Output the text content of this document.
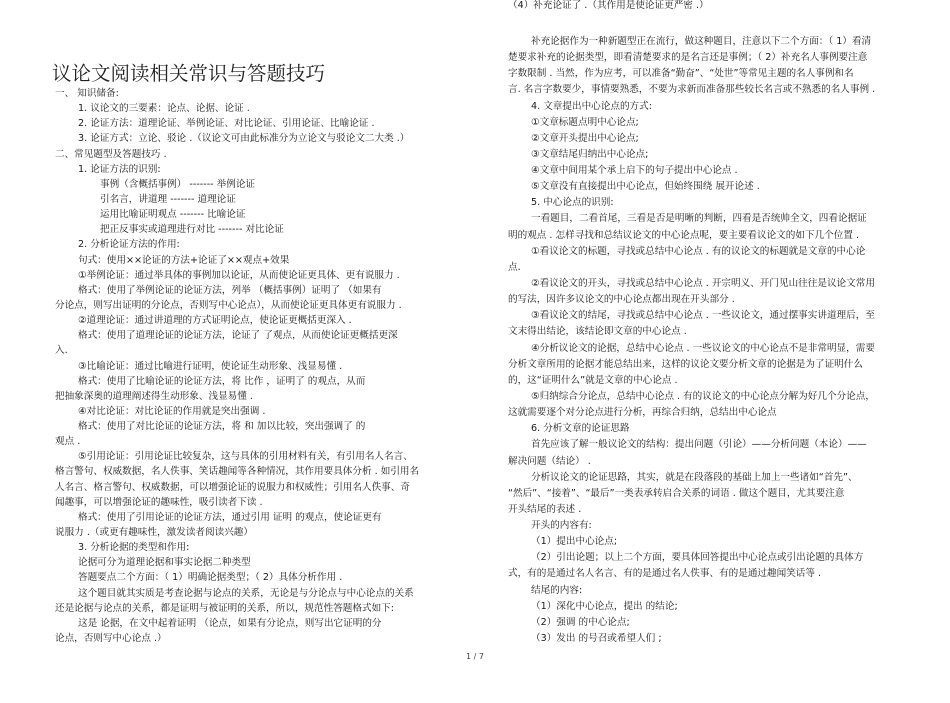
议论文阅读相关常识与答题技巧
一、 知识储备:
1. 议论文的三要素：论点、论据、论证 .
2. 论证方法：道理论证、举例论证、对比论证、引用论证、比喻论证 .
3. 论证方式：立论、驳论 .（议论文可由此标准分为立论文与驳论文二大类 .）
二、常见题型及答题技巧 .
1. 论证方法的识别:
事例（含概括事例） ------- 举例论证
引名言，讲道理 ------- 道理论证
运用比喻证明观点 ------- 比喻论证
把正反事实或道理进行对比 ------- 对比论证
2. 分析论证方法的作用:
句式：使用××论证的方法+论证了××观点+效果
①举例论证：通过举具体的事例加以论证，从而使论证更具体、更有说服力 .
格式：使用了举例论证的论证方法，列举 （概括事例）证明了 （如果有
分论点，则写出证明的分论点，否则写中心论点），从而使论证更具体更有说服力 .
②道理论证：通过讲道理的方式证明论点，使论证更概括更深入 .
格式：使用了道理论证的论证方法，论证了 了观点，从而使论证更概括更深
入.
③比喻论证：通过比喻进行证明，使论证生动形象、浅显易懂 .
格式：使用了比喻论证的论证方法，将 比作 ，证明了 的观点，从而
把抽象深奥的道理阐述得生动形象、浅显易懂 .
④对比论证：对比论证的作用就是突出强调 .
格式：使用了对比论证的论证方法，将 和 加以比较，突出强调了 的
观点 .
⑤引用论证：引用论证比较复杂，这与具体的引用材料有关，有引用名人名言、
格言警句、权威数据，名人佚事、笑话趣闻等各种情况，其作用要具体分析 . 如引用名
人名言、格言警句、权威数据，可以增强论证的说服力和权威性；引用名人佚事、奇
闻趣事，可以增强论证的趣味性，吸引读者下读 .
格式：使用了引用论证的论证方法，通过引用 证明 的观点，使论证更有
说服力 .（或更有趣味性，激发读者阅读兴趣）
3. 分析论据的类型和作用:
论据可分为道理论据和事实论据二种类型
答题要点二个方面：（ 1）明确论据类型；（ 2）具体分析作用 .
这个题目就其实质是考查论据与论点的关系，无论是与分论点与中心论点的关系
还是论据与论点的关系，都是证明与被证明的关系，所以，规范性答题格式如下:
这是 论据，在文中起着证明 （论点，如果有分论点，则写出它证明的分
论点，否则写中心论点 .）
补充论据作为一种新题型正在流行，做这种题目，注意以下二个方面：（ 1）看清
楚要求补充的论据类型，即看清楚要求的是名言还是事例；（ 2）补充名人事例要注意
字数限制 . 当然，作为应考，可以准备“勤奋”、“处世”等常见主题的名人事例和名
言. 名言字数要少，事情要熟悉，不要为求新而准备那些较长名言或不熟悉的名人事例 .
4. 文章提出中心论点的方式:
①文章标题点明中心论点;
②文章开头提出中心论点;
③文章结尾归纳出中心论点;
④文章中间用某个承上启下的句子提出中心论点 .
⑤文章没有直接提出中心论点，但始终围绕 展开论述 .
5. 中心论点的识别:
一看题目，二看首尾，三看是否是明晰的判断，四看是否统帅全文，四看论据证
明的观点 . 怎样寻找和总结议论文的中心论点呢，要主要看议论文的如下几个位置 .
①看议论文的标题，寻找或总结中心论点 . 有的议论文的标题就是文章的中心论
点.
②看议论文的开头，寻找或总结中心论点 . 开宗明义、开门见山往往是议论文常用
的写法，因许多议论文的中心论点都出现在开头部分 .
③看议论文的结尾，寻找或总结中心论点 . 一些议论文，通过摆事实讲道理后，至
文末得出结论，该结论即文章的中心论点 .
④分析议论文的论据，总结中心论点 . 一些议论文的中心论点不是非常明显，需要
分析文章所用的论据才能总结出来，这样的议论文要分析文章的论据是为了证明什么
的，这“证明什么”就是文章的中心论点 .
⑤归纳综合分论点，总结中心论点 . 有的议论文的中心论点分解为好几个分论点，
这就需要逐个对分论点进行分析，再综合归纳，总结出中心论点
6. 分析文章的论证思路
首先应该了解一般议论文的结构：提出问题（引论）——分析问题（本论）——
解决问题（结论） .
分析议论文的论证思路，其实，就是在段落段的基础上加上一些诸如“首先”、
“然后”、“接着”、“最后”一类表承转启合关系的词语 . 做这个题目，尤其要注意
开头结尾的表述 .
开头的内容有:
（1）提出中心论点;
（2）引出论题；以上二个方面，要具体回答提出中心论点或引出论题的具体方
式，有的是通过名人名言、有的是通过名人佚事、有的是通过趣闻笑话等 .
结尾的内容:
（1）深化中心论点，提出 的结论;
（2）强调 的中心论点;
（3）发出 的号召或希望人们 ;
（4）补充论证了 .（其作用是使论证更严密 .）
1 / 7
